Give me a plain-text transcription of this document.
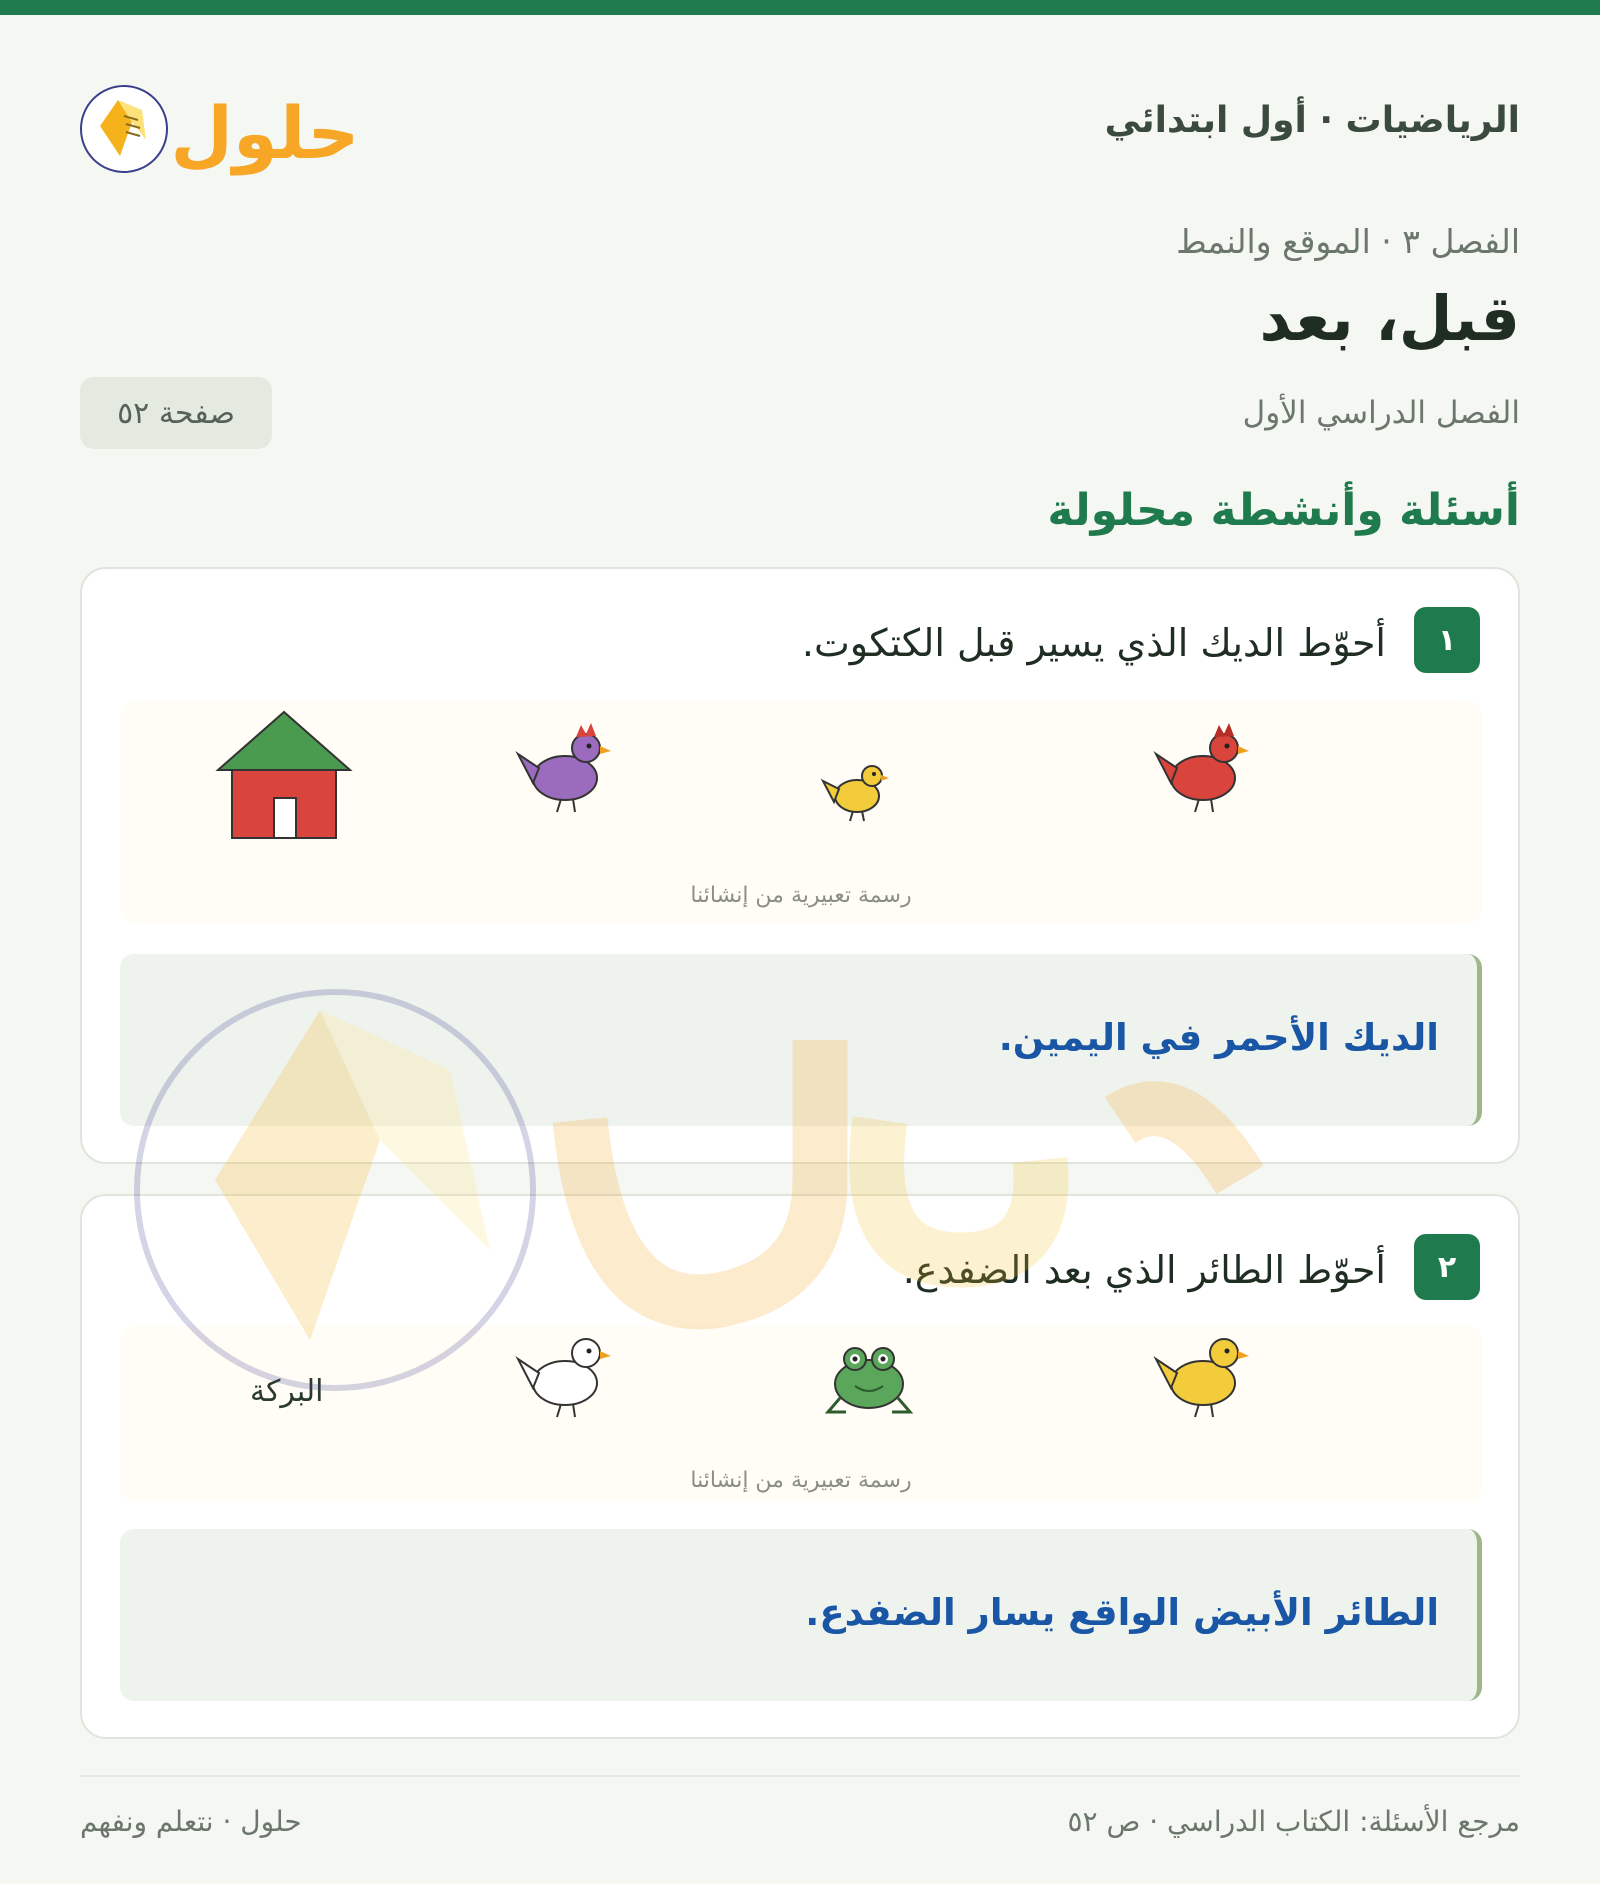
الرياضيات · أول ابتدائي
حلول
الفصل ٣ · الموقع والنمط
قبل، بعد
الفصل الدراسي الأول
صفحة ٥٢
أسئلة وأنشطة محلولة
١
أحوّط الديك الذي يسير قبل الكتكوت.
رسمة تعبيرية من إنشائنا
الديك الأحمر في اليمين.
٢
أحوّط الطائر الذي بعد الضفدع.
البركة
رسمة تعبيرية من إنشائنا
الطائر الأبيض الواقع يسار الضفدع.
مرجع الأسئلة: الكتاب الدراسي · ص ٥٢
حلول · نتعلم ونفهم
